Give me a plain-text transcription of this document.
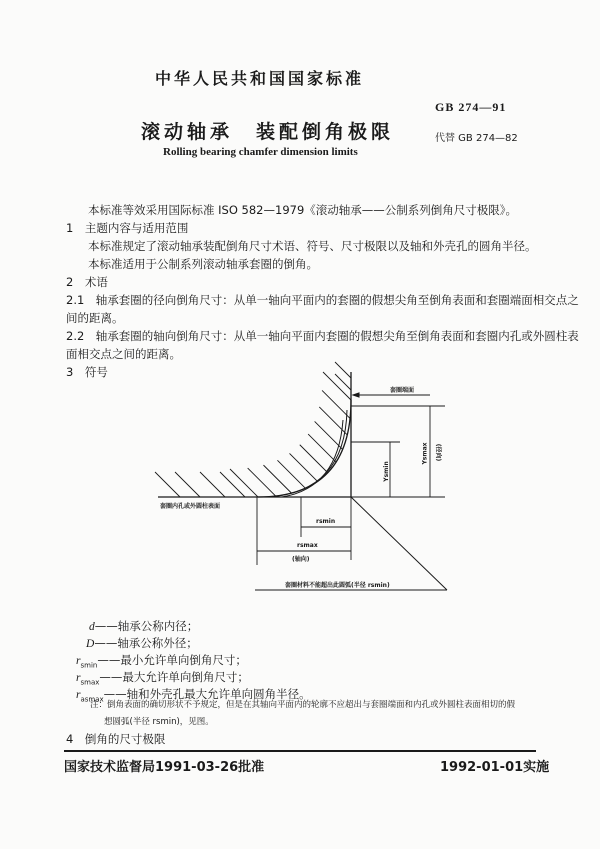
中华人民共和国国家标准
GB 274—91
滚动轴承　装配倒角极限	代替 GB 274—82
Rolling bearing chamfer dimension limits
本标准等效采用国际标准 ISO 582—1979《滚动轴承——公制系列倒角尺寸极限》。
1　主题内容与适用范围
本标准规定了滚动轴承装配倒角尺寸术语、符号、尺寸极限以及轴和外壳孔的圆角半径。
本标准适用于公制系列滚动轴承套圈的倒角。
2　术语
2.1　轴承套圈的径向倒角尺寸：从单一轴向平面内的套圈的假想尖角至倒角表面和套圈端面相交点之
间的距离。
2.2　轴承套圈的轴向倒角尺寸：从单一轴向平面内套圈的假想尖角至倒角表面和套圈内孔或外圆柱表
面相交点之间的距离。
3　符号
套圈端面
套圈内孔或外圆柱表面
Ysmin
Ysmax (径向)
rsmin
rsmax
(轴向)
套圈材料不能超出此圆弧(半径 rsmin)
d——轴承公称内径；
D——轴承公称外径；
$r_{smin}——$最小允许单向倒角尺寸；
$r_{smax}——$最大允许单向倒角尺寸；
$r_{asmax}——$轴和外壳孔最大允许单向圆角半径。
注：倒角表面的确切形状不予规定，但是在其轴向平面内的轮廓不应超出与套圈端面和内孔或外圆柱表面相切的假
想圆弧(半径 rsmin)，见图。
4　倒角的尺寸极限
国家技术监督局1991-03-26批准	1992-01-01实施
